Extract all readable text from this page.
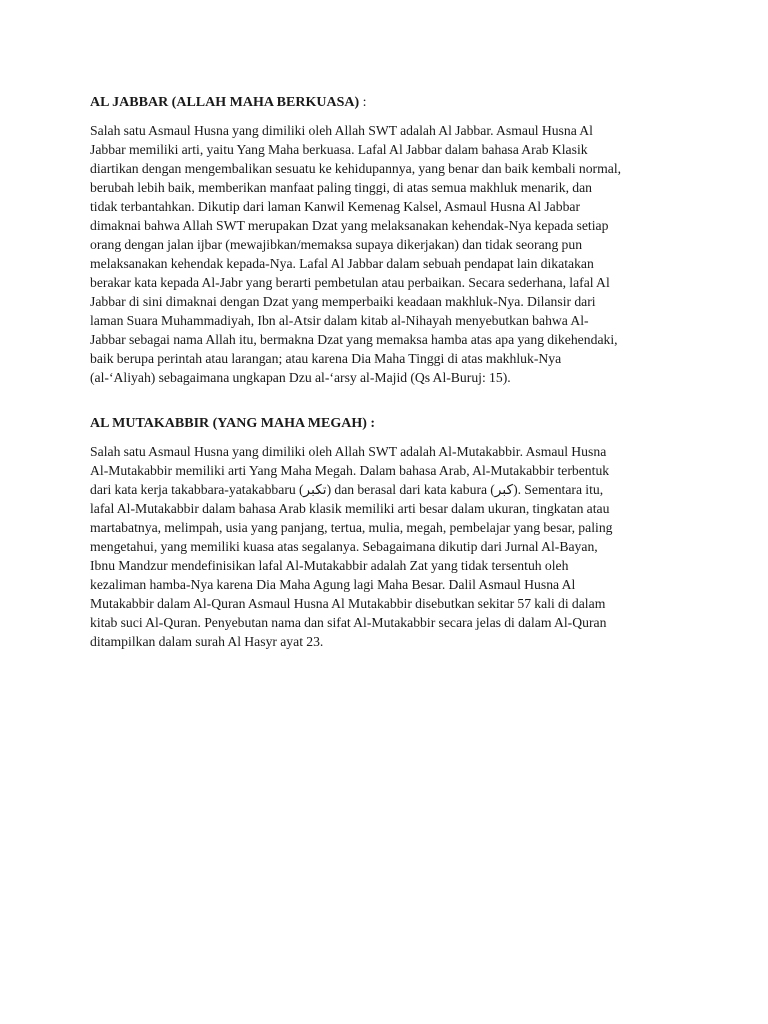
AL JABBAR (ALLAH MAHA BERKUASA) :
Salah satu Asmaul Husna yang dimiliki oleh Allah SWT adalah Al Jabbar. Asmaul Husna Al
Jabbar memiliki arti, yaitu Yang Maha berkuasa. Lafal Al Jabbar dalam bahasa Arab Klasik
diartikan dengan mengembalikan sesuatu ke kehidupannya, yang benar dan baik kembali normal,
berubah lebih baik, memberikan manfaat paling tinggi, di atas semua makhluk menarik, dan
tidak terbantahkan. Dikutip dari laman Kanwil Kemenag Kalsel, Asmaul Husna Al Jabbar
dimaknai bahwa Allah SWT merupakan Dzat yang melaksanakan kehendak-Nya kepada setiap
orang dengan jalan ijbar (mewajibkan/memaksa supaya dikerjakan) dan tidak seorang pun
melaksanakan kehendak kepada-Nya. Lafal Al Jabbar dalam sebuah pendapat lain dikatakan
berakar kata kepada Al-Jabr yang berarti pembetulan atau perbaikan. Secara sederhana, lafal Al
Jabbar di sini dimaknai dengan Dzat yang memperbaiki keadaan makhluk-Nya. Dilansir dari
laman Suara Muhammadiyah, Ibn al-Atsir dalam kitab al-Nihayah menyebutkan bahwa Al-
Jabbar sebagai nama Allah itu, bermakna Dzat yang memaksa hamba atas apa yang dikehendaki,
baik berupa perintah atau larangan; atau karena Dia Maha Tinggi di atas makhluk-Nya
(al-‘Aliyah) sebagaimana ungkapan Dzu al-‘arsy al-Majid (Qs Al-Buruj: 15).
AL MUTAKABBIR (YANG MAHA MEGAH) :
Salah satu Asmaul Husna yang dimiliki oleh Allah SWT adalah Al-Mutakabbir. Asmaul Husna
Al-Mutakabbir memiliki arti Yang Maha Megah. Dalam bahasa Arab, Al-Mutakabbir terbentuk
dari kata kerja takabbara-yatakabbaru (تكبر) dan berasal dari kata kabura (كبر). Sementara itu,
lafal Al-Mutakabbir dalam bahasa Arab klasik memiliki arti besar dalam ukuran, tingkatan atau
martabatnya, melimpah, usia yang panjang, tertua, mulia, megah, pembelajar yang besar, paling
mengetahui, yang memiliki kuasa atas segalanya. Sebagaimana dikutip dari Jurnal Al-Bayan,
Ibnu Mandzur mendefinisikan lafal Al-Mutakabbir adalah Zat yang tidak tersentuh oleh
kezaliman hamba-Nya karena Dia Maha Agung lagi Maha Besar. Dalil Asmaul Husna Al
Mutakabbir dalam Al-Quran Asmaul Husna Al Mutakabbir disebutkan sekitar 57 kali di dalam
kitab suci Al-Quran. Penyebutan nama dan sifat Al-Mutakabbir secara jelas di dalam Al-Quran
ditampilkan dalam surah Al Hasyr ayat 23.
